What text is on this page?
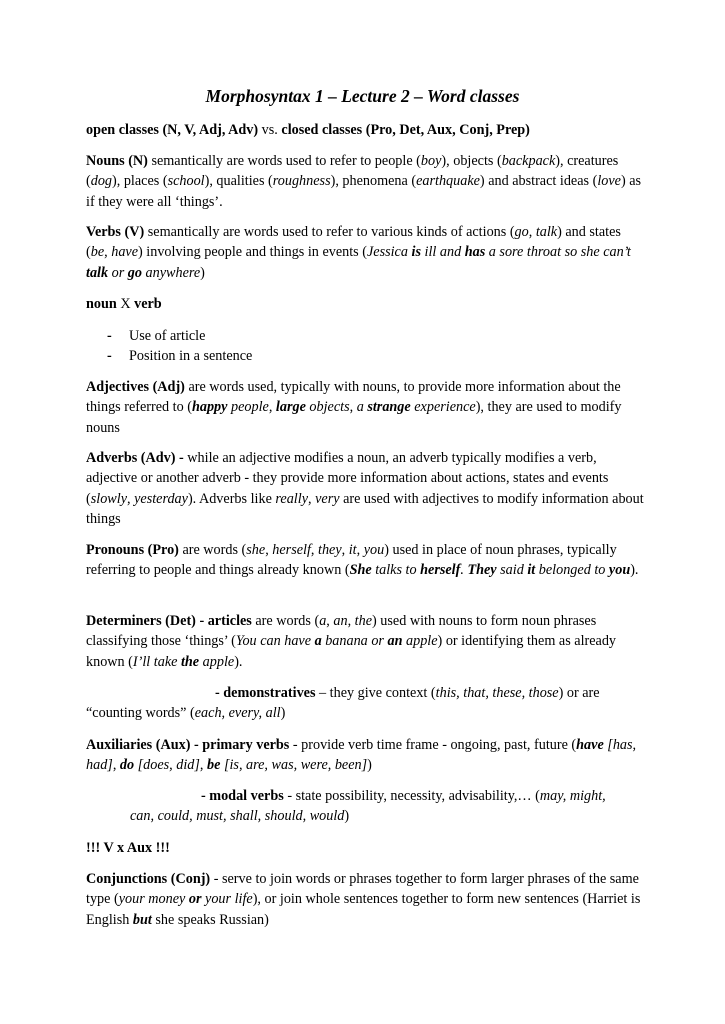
Morphosyntax 1 – Lecture 2 – Word classes

open classes (N, V, Adj, Adv) vs. closed classes (Pro, Det, Aux, Conj, Prep)

Nouns (N) semantically are words used to refer to people (boy), objects (backpack), creatures (dog), places (school), qualities (roughness), phenomena (earthquake) and abstract ideas (love) as if they were all ‘things’.

Verbs (V) semantically are words used to refer to various kinds of actions (go, talk) and states (be, have) involving people and things in events (Jessica is ill and has a sore throat so she can’t talk or go anywhere)

noun X verb

- Use of article
- Position in a sentence

Adjectives (Adj) are words used, typically with nouns, to provide more information about the things referred to (happy people, large objects, a strange experience), they are used to modify nouns

Adverbs (Adv) - while an adjective modifies a noun, an adverb typically modifies a verb, adjective or another adverb - they provide more information about actions, states and events (slowly, yesterday). Adverbs like really, very are used with adjectives to modify information about things

Pronouns (Pro) are words (she, herself, they, it, you) used in place of noun phrases, typically referring to people and things already known (She talks to herself. They said it belonged to you).

Determiners (Det) - articles are words (a, an, the) used with nouns to form noun phrases classifying those ‘things’ (You can have a banana or an apple) or identifying them as already known (I’ll take the apple).

- demonstratives – they give context (this, that, these, those) or are “counting words” (each, every, all)

Auxiliaries (Aux) - primary verbs - provide verb time frame - ongoing, past, future (have [has, had], do [does, did], be [is, are, was, were, been])

- modal verbs - state possibility, necessity, advisability,… (may, might, can, could, must, shall, should, would)

!!! V x Aux !!!

Conjunctions (Conj) - serve to join words or phrases together to form larger phrases of the same type (your money or your life), or join whole sentences together to form new sentences (Harriet is English but she speaks Russian)
